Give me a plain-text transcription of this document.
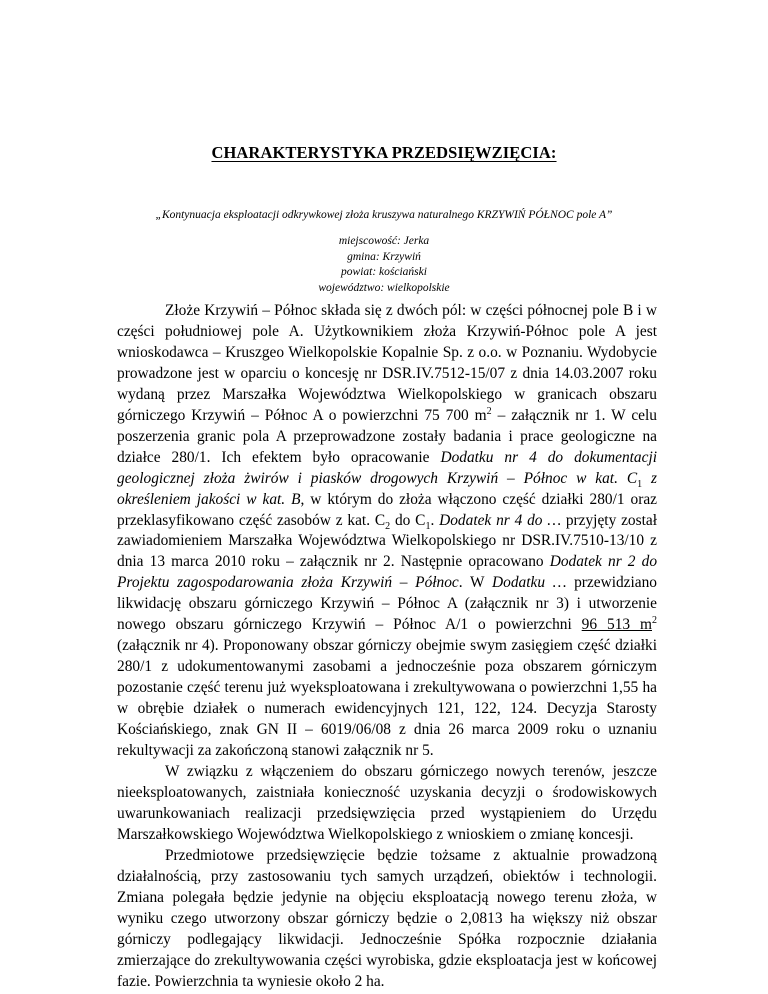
CHARAKTERYSTYKA PRZEDSIĘWZIĘCIA:
„Kontynuacja eksploatacji odkrywkowej złoża kruszywa naturalnego KRZYWIŃ PÓŁNOC pole A”
miejscowość: Jerka
gmina: Krzywiń
powiat: kościański
województwo: wielkopolskie

Złoże Krzywiń – Północ składa się z dwóch pól: w części północnej pole B i w części południowej pole A. Użytkownikiem złoża Krzywiń-Północ pole A jest wnioskodawca – Kruszgeo Wielkopolskie Kopalnie Sp. z o.o. w Poznaniu. Wydobycie prowadzone jest w oparciu o koncesję nr DSR.IV.7512-15/07 z dnia 14.03.2007 roku wydaną przez Marszałka Województwa Wielkopolskiego w granicach obszaru górniczego Krzywiń – Północ A o powierzchni 75 700 $m^2$ – załącznik nr 1. W celu poszerzenia granic pola A przeprowadzone zostały badania i prace geologiczne na działce 280/1. Ich efektem było opracowanie Dodatku nr 4 do dokumentacji geologicznej złoża żwirów i piasków drogowych Krzywiń – Północ w kat. $C_1$ z określeniem jakości w kat. B, w którym do złoża włączono część działki 280/1 oraz przeklasyfikowano część zasobów z kat. $C_2$ do $C_1$. Dodatek nr 4 do … przyjęty został zawiadomieniem Marszałka Województwa Wielkopolskiego nr DSR.IV.7510-13/10 z dnia 13 marca 2010 roku – załącznik nr 2. Następnie opracowano Dodatek nr 2 do Projektu zagospodarowania złoża Krzywiń – Północ. W Dodatku … przewidziano likwidację obszaru górniczego Krzywiń – Północ A (załącznik nr 3) i utworzenie nowego obszaru górniczego Krzywiń – Północ A/1 o powierzchni 96 513 $m^2$ (załącznik nr 4). Proponowany obszar górniczy obejmie swym zasięgiem część działki 280/1 z udokumentowanymi zasobami a jednocześnie poza obszarem górniczym pozostanie część terenu już wyeksploatowana i zrekultywowana o powierzchni 1,55 ha w obrębie działek o numerach ewidencyjnych 121, 122, 124. Decyzja Starosty Kościańskiego, znak GN II – 6019/06/08 z dnia 26 marca 2009 roku o uznaniu rekultywacji za zakończoną stanowi załącznik nr 5.

W związku z włączeniem do obszaru górniczego nowych terenów, jeszcze nieeksploatowanych, zaistniała konieczność uzyskania decyzji o środowiskowych uwarunkowaniach realizacji przedsięwzięcia przed wystąpieniem do Urzędu Marszałkowskiego Województwa Wielkopolskiego z wnioskiem o zmianę koncesji.

Przedmiotowe przedsięwzięcie będzie tożsame z aktualnie prowadzoną działalnością, przy zastosowaniu tych samych urządzeń, obiektów i technologii. Zmiana polegała będzie jedynie na objęciu eksploatacją nowego terenu złoża, w wyniku czego utworzony obszar górniczy będzie o 2,0813 ha większy niż obszar górniczy podlegający likwidacji. Jednocześnie Spółka rozpocznie działania zmierzające do zrekultywowania części wyrobiska, gdzie eksploatacja jest w końcowej fazie. Powierzchnia ta wyniesie około 2 ha.
